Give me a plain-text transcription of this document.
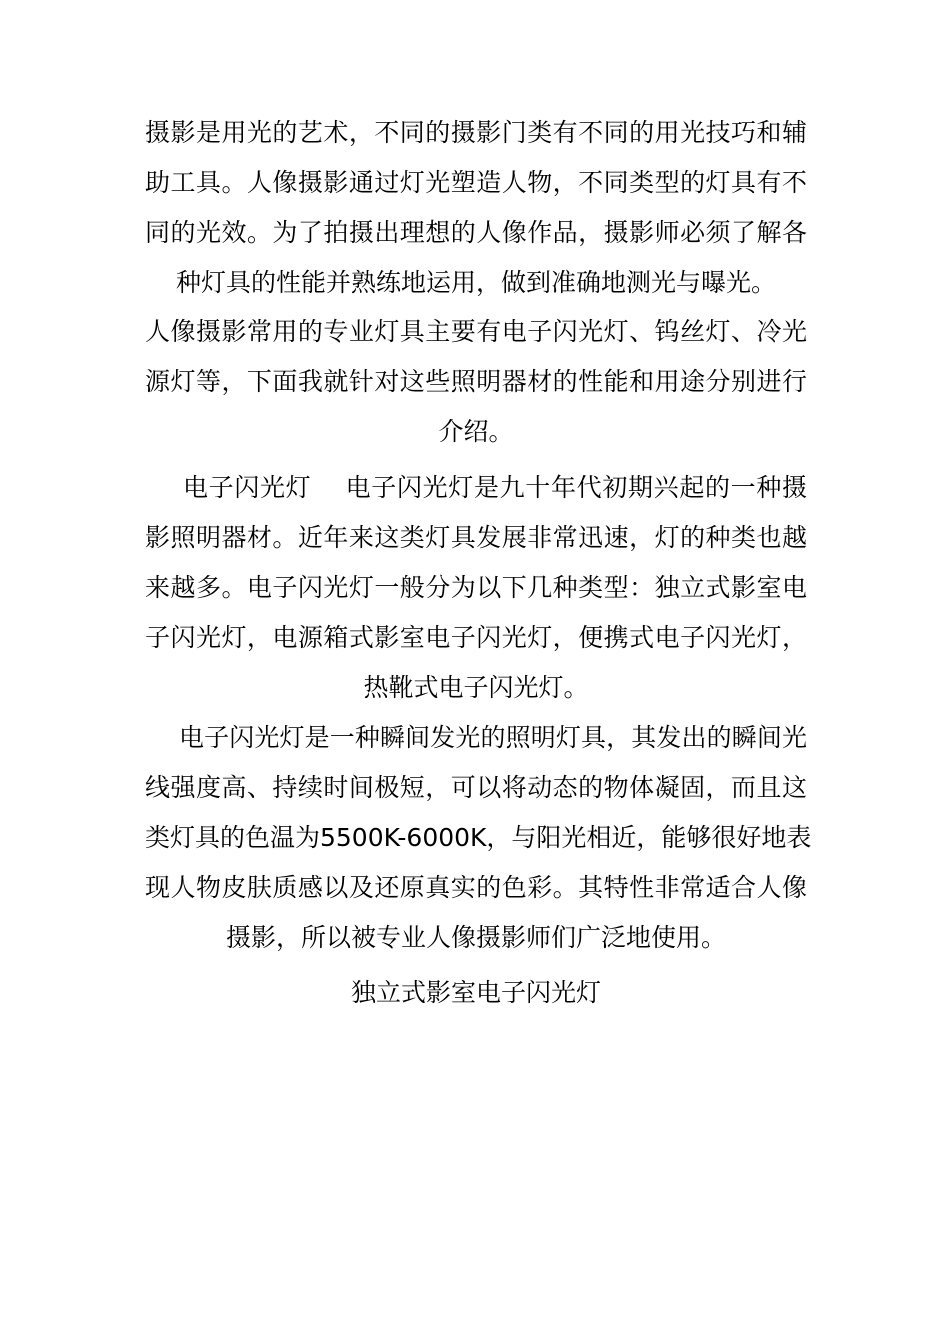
摄影是用光的艺术，不同的摄影门类有不同的用光技巧和辅
助工具。人像摄影通过灯光塑造人物，不同类型的灯具有不
同的光效。为了拍摄出理想的人像作品，摄影师必须了解各
种灯具的性能并熟练地运用，做到准确地测光与曝光。
人像摄影常用的专业灯具主要有电子闪光灯、钨丝灯、冷光
源灯等，下面我就针对这些照明器材的性能和用途分别进行
介绍。
电子闪光灯　 电子闪光灯是九十年代初期兴起的一种摄
影照明器材。近年来这类灯具发展非常迅速，灯的种类也越
来越多。电子闪光灯一般分为以下几种类型：独立式影室电
子闪光灯，电源箱式影室电子闪光灯，便携式电子闪光灯，
热靴式电子闪光灯。
电子闪光灯是一种瞬间发光的照明灯具，其发出的瞬间光
线强度高、持续时间极短，可以将动态的物体凝固，而且这
类灯具的色温为5500K-6000K，与阳光相近，能够很好地表
现人物皮肤质感以及还原真实的色彩。其特性非常适合人像
摄影，所以被专业人像摄影师们广泛地使用。
独立式影室电子闪光灯
